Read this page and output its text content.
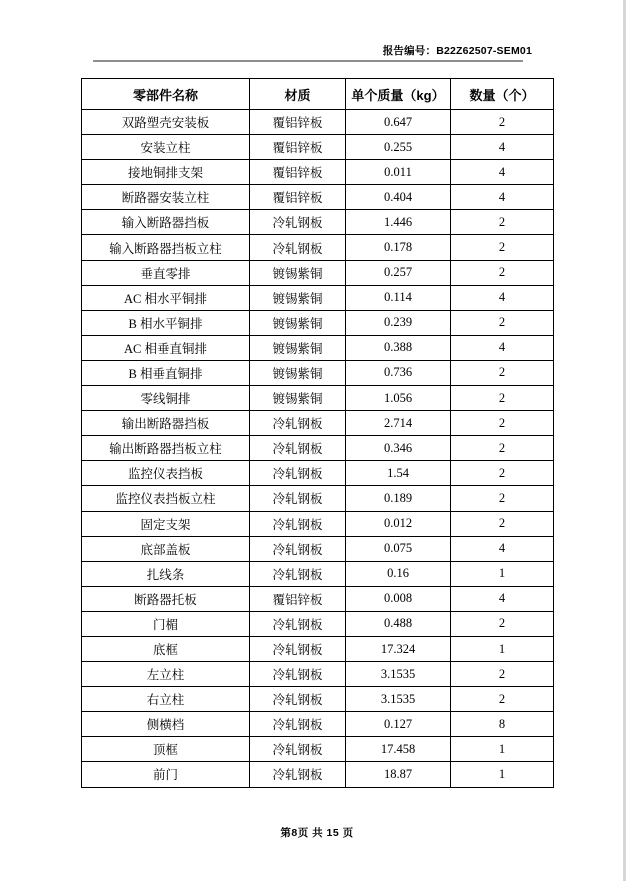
报告编号：B22Z62507-SEM01
零部件名称	材质	单个质量（kg）	数量（个）
双路塑壳安装板	覆铝锌板	0.647	2
安装立柱	覆铝锌板	0.255	4
接地铜排支架	覆铝锌板	0.011	4
断路器安装立柱	覆铝锌板	0.404	4
输入断路器挡板	冷轧钢板	1.446	2
输入断路器挡板立柱	冷轧钢板	0.178	2
垂直零排	镀锡紫铜	0.257	2
AC 相水平铜排	镀锡紫铜	0.114	4
B 相水平铜排	镀锡紫铜	0.239	2
AC 相垂直铜排	镀锡紫铜	0.388	4
B 相垂直铜排	镀锡紫铜	0.736	2
零线铜排	镀锡紫铜	1.056	2
输出断路器挡板	冷轧钢板	2.714	2
输出断路器挡板立柱	冷轧钢板	0.346	2
监控仪表挡板	冷轧钢板	1.54	2
监控仪表挡板立柱	冷轧钢板	0.189	2
固定支架	冷轧钢板	0.012	2
底部盖板	冷轧钢板	0.075	4
扎线条	冷轧钢板	0.16	1
断路器托板	覆铝锌板	0.008	4
门楣	冷轧钢板	0.488	2
底框	冷轧钢板	17.324	1
左立柱	冷轧钢板	3.1535	2
右立柱	冷轧钢板	3.1535	2
侧横档	冷轧钢板	0.127	8
顶框	冷轧钢板	17.458	1
前门	冷轧钢板	18.87	1
第8页 共 15 页
